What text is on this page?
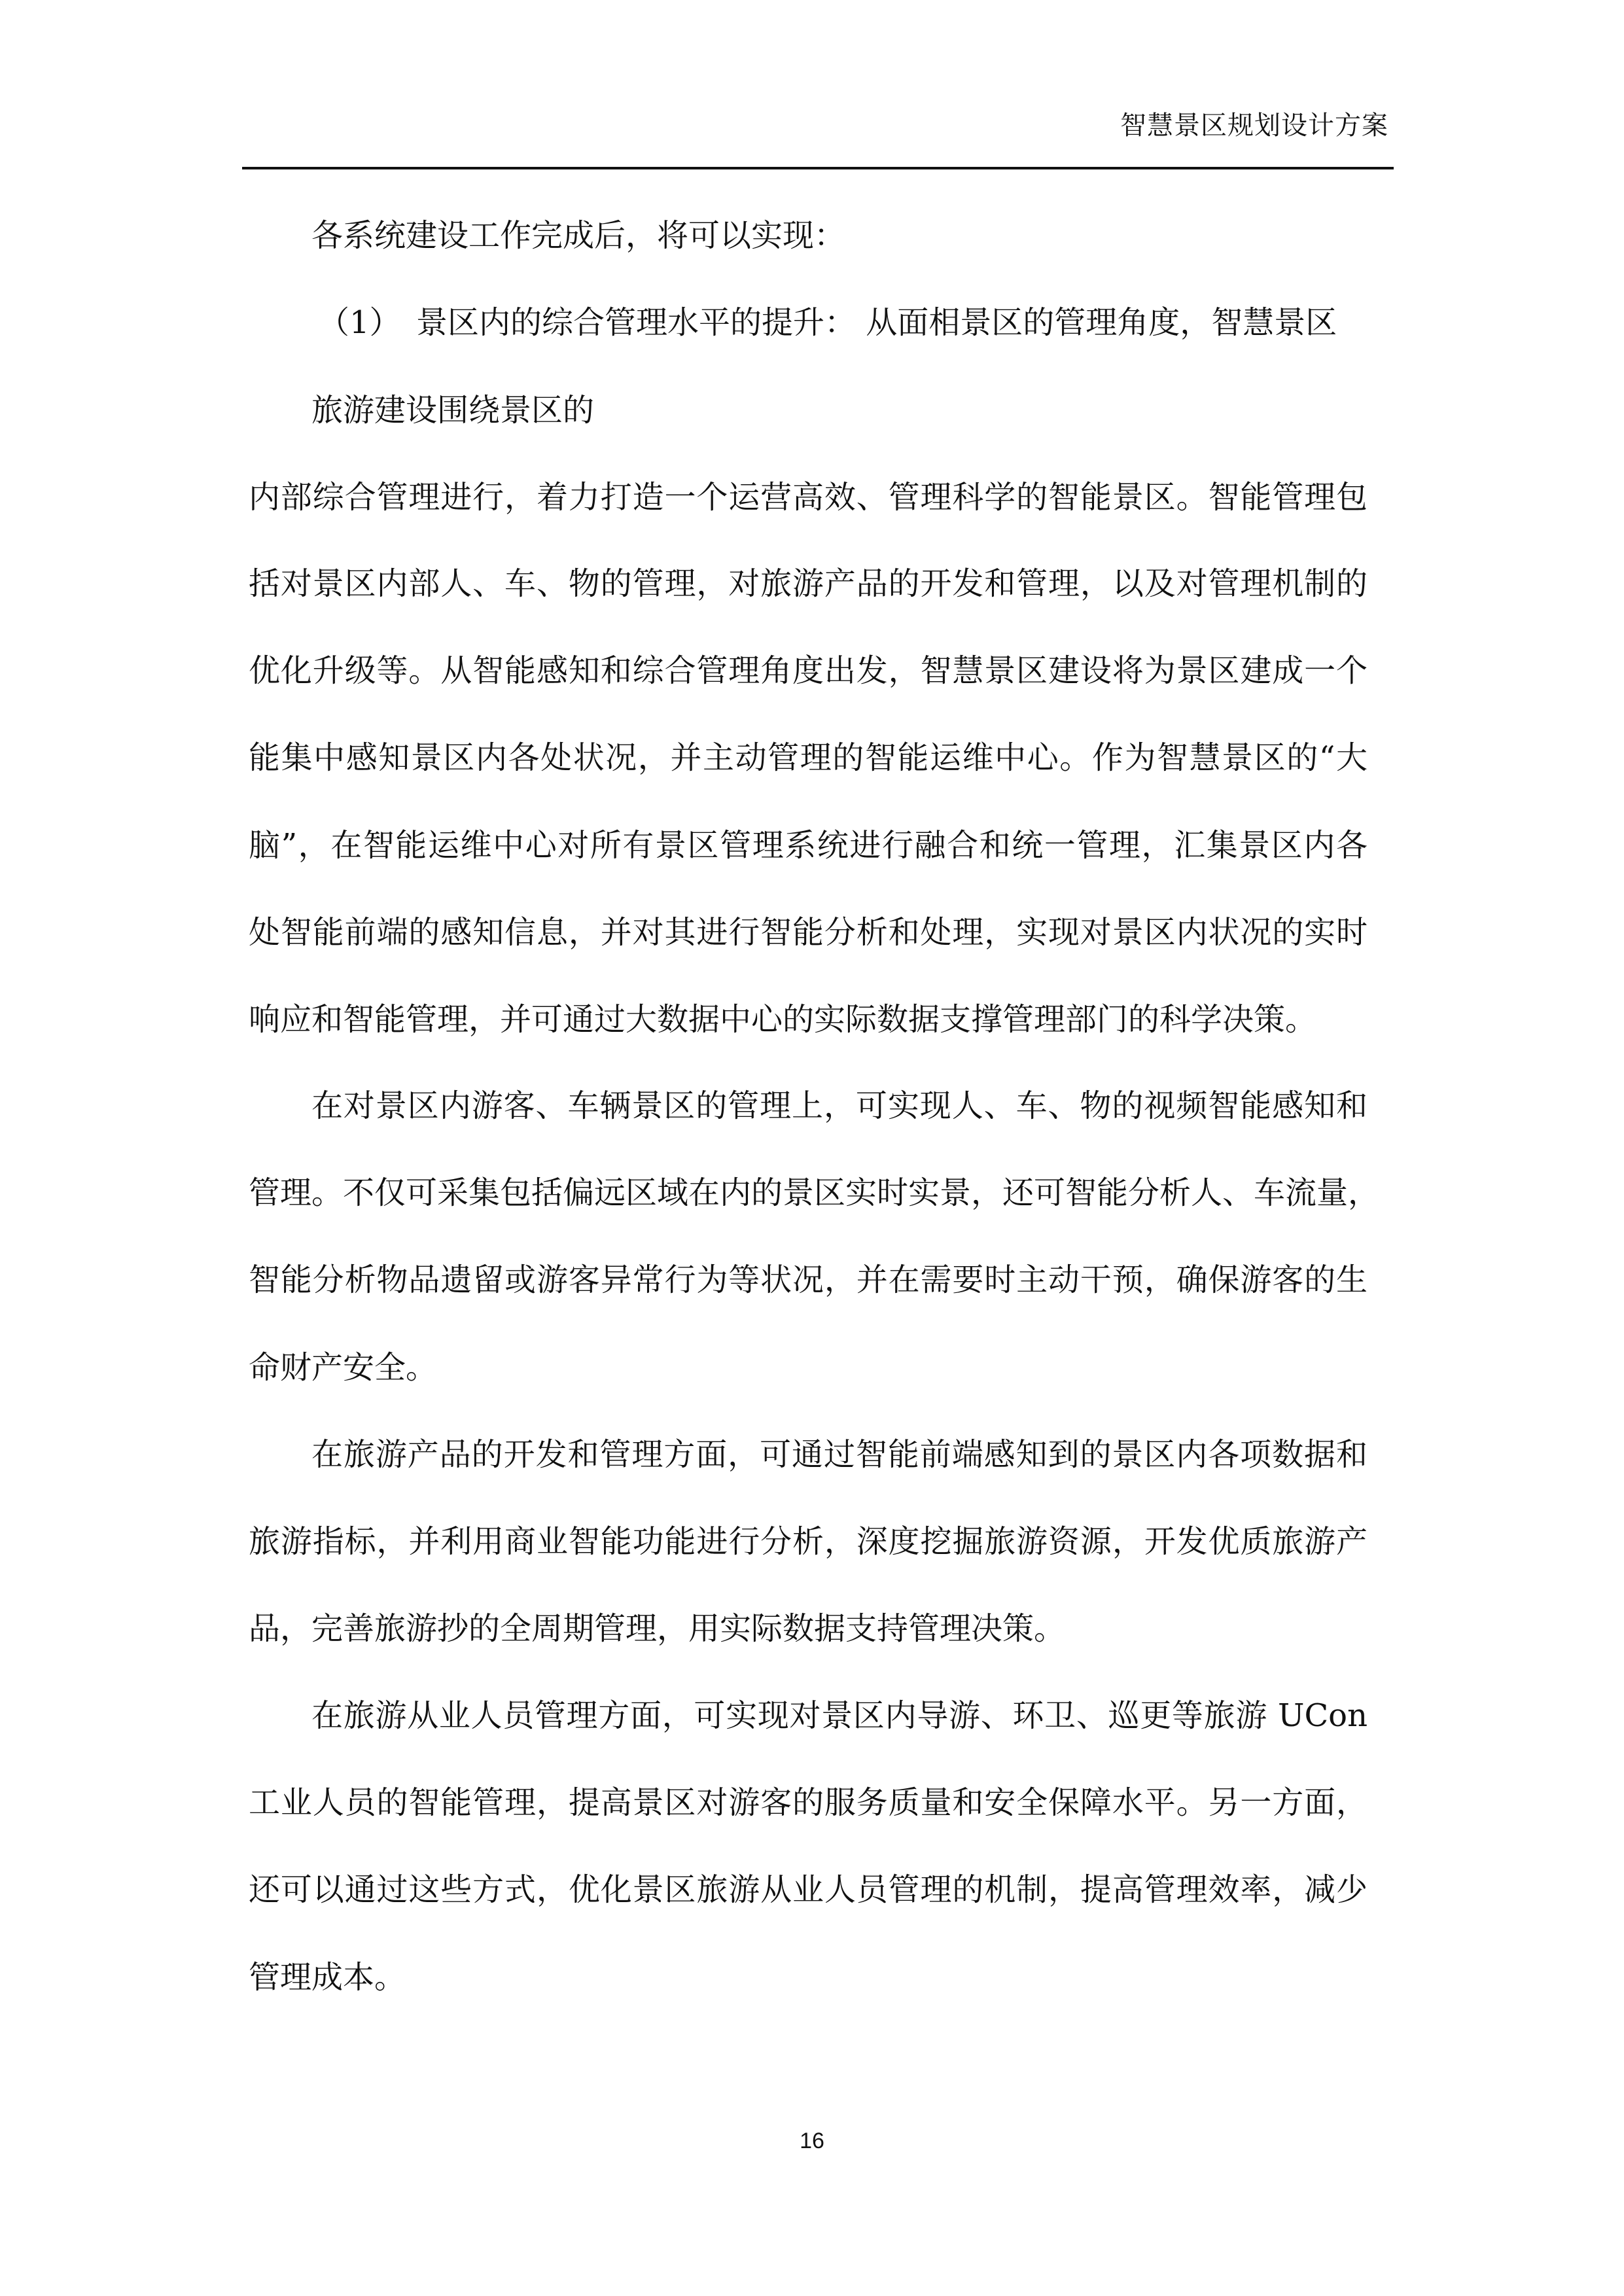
智慧景区规划设计方案
各系统建设工作完成后，将可以实现：
（1） 景区内的综合管理水平的提升： 从面相景区的管理角度，智慧景区
旅游建设围绕景区的
内部综合管理进行，着力打造一个运营高效、管理科学的智能景区。智能管理包
括对景区内部人、车、物的管理，对旅游产品的开发和管理，以及对管理机制的
优化升级等。从智能感知和综合管理角度出发，智慧景区建设将为景区建成一个
能集中感知景区内各处状况，并主动管理的智能运维中心。作为智慧景区的“大
脑”，在智能运维中心对所有景区管理系统进行融合和统一管理，汇集景区内各
处智能前端的感知信息，并对其进行智能分析和处理，实现对景区内状况的实时
响应和智能管理，并可通过大数据中心的实际数据支撑管理部门的科学决策。
在对景区内游客、车辆景区的管理上，可实现人、车、物的视频智能感知和
管理。不仅可采集包括偏远区域在内的景区实时实景，还可智能分析人、车流量，
智能分析物品遗留或游客异常行为等状况，并在需要时主动干预，确保游客的生
命财产安全。
在旅游产品的开发和管理方面，可通过智能前端感知到的景区内各项数据和
旅游指标，并利用商业智能功能进行分析，深度挖掘旅游资源，开发优质旅游产
品，完善旅游抄的全周期管理，用实际数据支持管理决策。
在旅游从业人员管理方面，可实现对景区内导游、环卫、巡更等旅游 UCon
工业人员的智能管理，提高景区对游客的服务质量和安全保障水平。另一方面，
还可以通过这些方式，优化景区旅游从业人员管理的机制，提高管理效率，减少
管理成本。
16
